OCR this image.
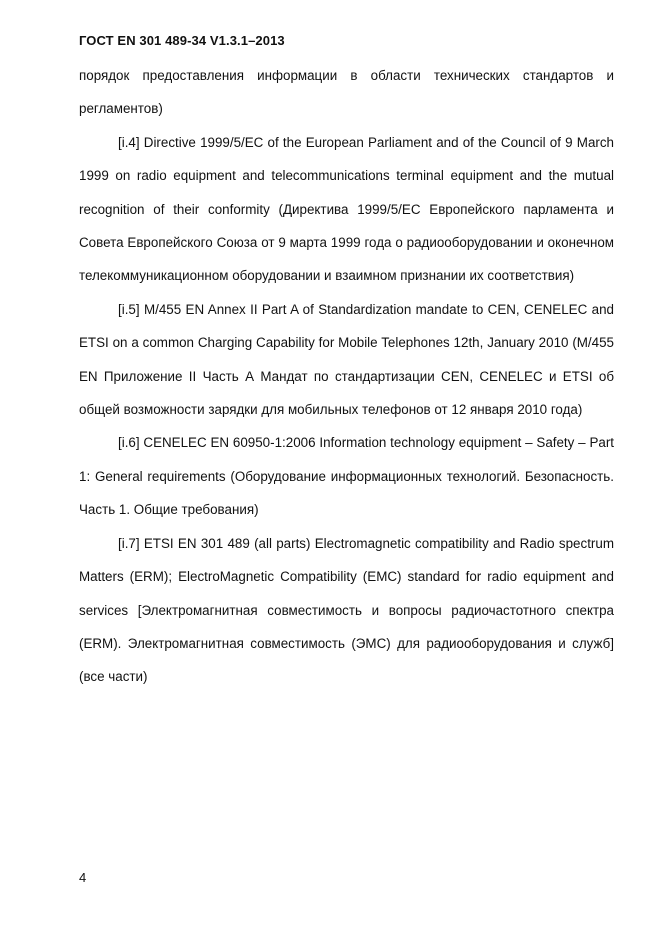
ГОСТ EN 301 489-34 V1.3.1–2013

порядок предоставления информации в области технических стандартов и регламентов)

[i.4] Directive 1999/5/EC of the European Parliament and of the Council of 9 March 1999 on radio equipment and telecommunications terminal equipment and the mutual recognition of their conformity (Директива 1999/5/EC Европейского парламента и Совета Европейского Союза от 9 марта 1999 года о радиооборудовании и оконечном телекоммуникационном оборудовании и взаимном признании их соответствия)

[i.5] M/455 EN Annex II Part A of Standardization mandate to CEN, CENELEC and ETSI on a common Charging Capability for Mobile Telephones 12th, January 2010 (M/455 EN Приложение II Часть А Мандат по стандартизации CEN, CENELEC и ETSI об общей возможности зарядки для мобильных телефонов от 12 января 2010 года)

[i.6] CENELEC EN 60950-1:2006 Information technology equipment – Safety – Part 1: General requirements (Оборудование информационных технологий. Безопасность. Часть 1. Общие требования)

[i.7] ETSI EN 301 489 (all parts) Electromagnetic compatibility and Radio spectrum Matters (ERM); ElectroMagnetic Compatibility (EMC) standard for radio equipment and services [Электромагнитная совместимость и вопросы радиочастотного спектра (ERM). Электромагнитная совместимость (ЭМС) для радиооборудования и служб] (все части)

4
